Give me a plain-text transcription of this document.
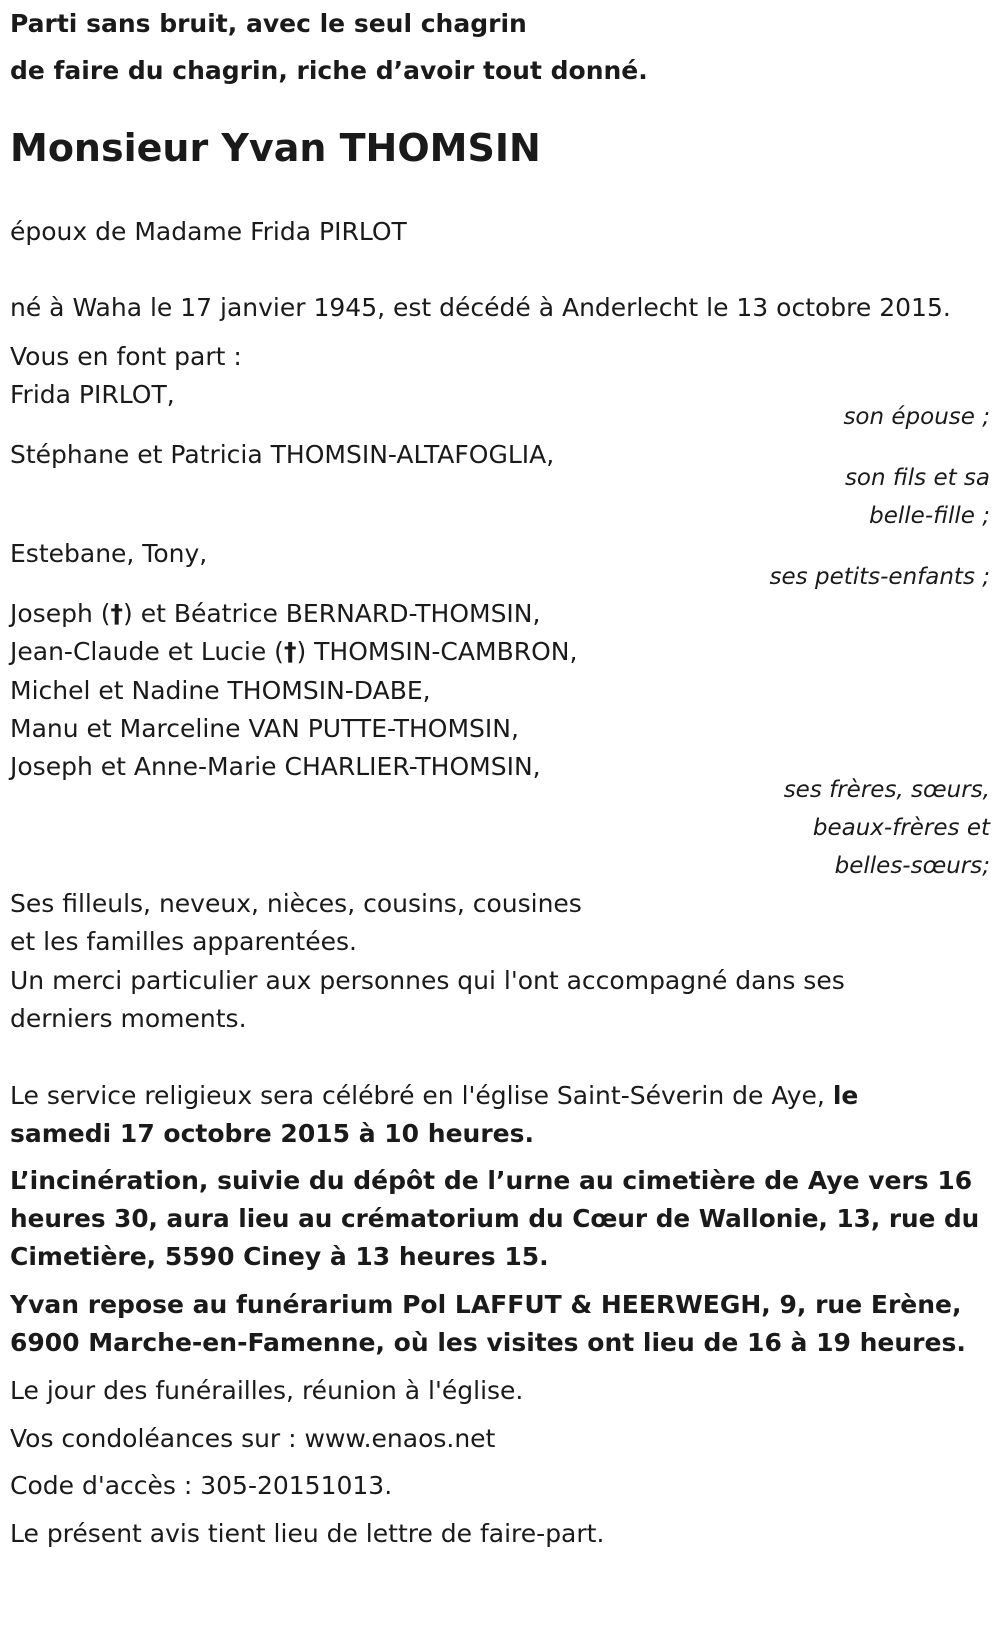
Parti sans bruit, avec le seul chagrin
de faire du chagrin, riche d’avoir tout donné.
Monsieur Yvan THOMSIN
époux de Madame Frida PIRLOT
né à Waha le 17 janvier 1945, est décédé à Anderlecht le 13 octobre 2015.
Vous en font part :
Frida PIRLOT,
son épouse ;
Stéphane et Patricia THOMSIN-ALTAFOGLIA,
son fils et sa
belle-fille ;
Estebane, Tony,
ses petits-enfants ;
Joseph (†) et Béatrice BERNARD-THOMSIN,
Jean-Claude et Lucie (†) THOMSIN-CAMBRON,
Michel et Nadine THOMSIN-DABE,
Manu et Marceline VAN PUTTE-THOMSIN,
Joseph et Anne-Marie CHARLIER-THOMSIN,
ses frères, sœurs,
beaux-frères et
belles-sœurs;
Ses filleuls, neveux, nièces, cousins, cousines
et les familles apparentées.
Un merci particulier aux personnes qui l'ont accompagné dans ses
derniers moments.
Le service religieux sera célébré en l'église Saint-Séverin de Aye, le
samedi 17 octobre 2015 à 10 heures.
L’incinération, suivie du dépôt de l’urne au cimetière de Aye vers 16
heures 30, aura lieu au crématorium du Cœur de Wallonie, 13, rue du
Cimetière, 5590 Ciney à 13 heures 15.
Yvan repose au funérarium Pol LAFFUT & HEERWEGH, 9, rue Erène,
6900 Marche-en-Famenne, où les visites ont lieu de 16 à 19 heures.
Le jour des funérailles, réunion à l'église.
Vos condoléances sur : www.enaos.net
Code d'accès : 305-20151013.
Le présent avis tient lieu de lettre de faire-part.
